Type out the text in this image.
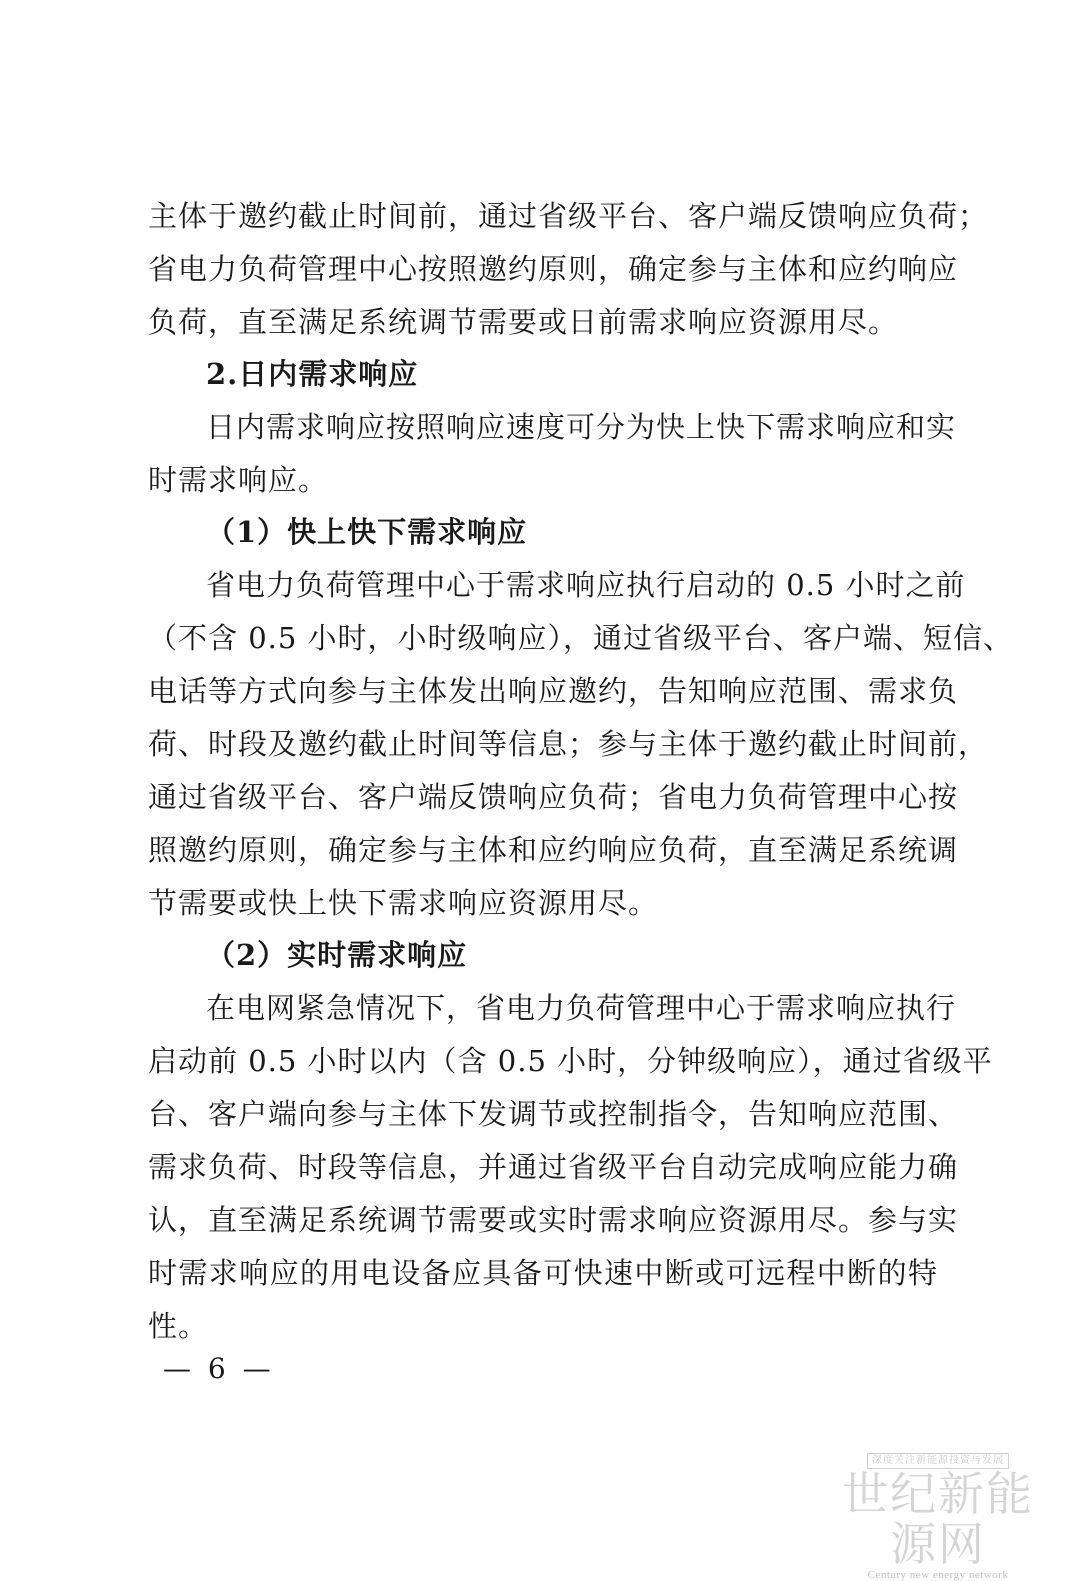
主体于邀约截止时间前，通过省级平台、客户端反馈响应负荷；
省电力负荷管理中心按照邀约原则，确定参与主体和应约响应
负荷，直至满足系统调节需要或日前需求响应资源用尽。
2.日内需求响应
日内需求响应按照响应速度可分为快上快下需求响应和实
时需求响应。
（1）快上快下需求响应
省电力负荷管理中心于需求响应执行启动的 0.5 小时之前
（不含 0.5 小时，小时级响应），通过省级平台、客户端、短信、
电话等方式向参与主体发出响应邀约，告知响应范围、需求负
荷、时段及邀约截止时间等信息；参与主体于邀约截止时间前，
通过省级平台、客户端反馈响应负荷；省电力负荷管理中心按
照邀约原则，确定参与主体和应约响应负荷，直至满足系统调
节需要或快上快下需求响应资源用尽。
（2）实时需求响应
在电网紧急情况下，省电力负荷管理中心于需求响应执行
启动前 0.5 小时以内（含 0.5 小时，分钟级响应），通过省级平
台、客户端向参与主体下发调节或控制指令，告知响应范围、
需求负荷、时段等信息，并通过省级平台自动完成响应能力确
认，直至满足系统调节需要或实时需求响应资源用尽。参与实
时需求响应的用电设备应具备可快速中断或可远程中断的特
性。
— 6 —
深度关注新能源投资与发展
世纪新能源网
Century new energy network
